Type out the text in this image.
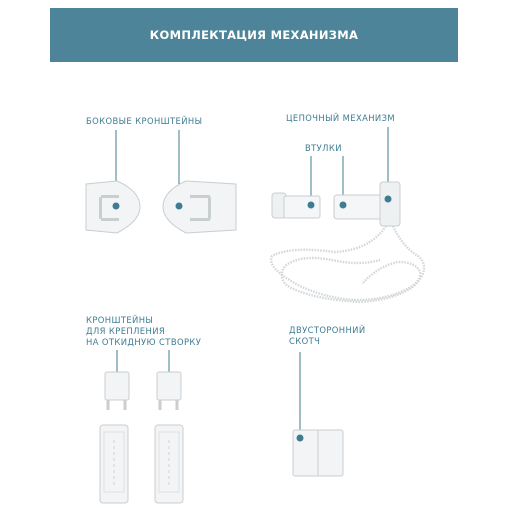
КОМПЛЕКТАЦИЯ МЕХАНИЗМА
БОКОВЫЕ КРОНШТЕЙНЫ	ЦЕПОЧНЫЙ МЕХАНИЗМ
ВТУЛКИ
КРОНШТЕЙНЫ
ДЛЯ КРЕПЛЕНИЯ
НА ОТКИДНУЮ СТВОРКУ
ДВУСТОРОННИЙ
СКОТЧ
